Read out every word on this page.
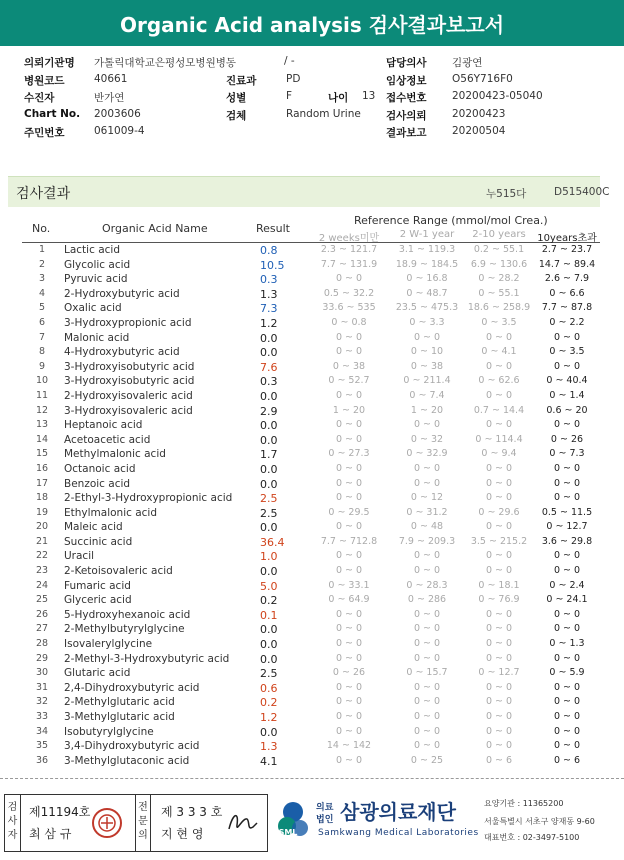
Organic Acid analysis 검사결과보고서
의뢰기관명 가톨릭대학교은평성모병원병동	/ -	담당의사 김광연
병원코드	40661	진료과	PD	임상정보 O56Y716F0
수진자	반가연	성별	F	나이 13 접수번호 20200423-05040
Chart No. 2003606	검체	Random Urine 검사의뢰 20200423
주민번호	061009-4	결과보고 20200504
검사결과	누515다	D515400C
No.	Organic Acid Name	Result
Reference Range (mmol/mol Crea.)
2 weeks미만	2 W-1 year	2-10 years	10years초과
1	Lactic acid	0.8	2.3 ~ 121.7	3.1 ~ 119.3	0.2 ~ 55.1	2.7 ~ 23.7
2	Glycolic acid	10.5	7.7 ~ 131.9	18.9 ~ 184.5	6.9 ~ 130.6	14.7 ~ 89.4
3	Pyruvic acid	0.3	0 ~ 0	0 ~ 16.8	0 ~ 28.2	2.6 ~ 7.9
4	2-Hydroxybutyric acid	1.3	0.5 ~ 32.2	0 ~ 48.7	0 ~ 55.1	0 ~ 6.6
5	Oxalic acid	7.3	33.6 ~ 535	23.5 ~ 475.3	18.6 ~ 258.9	7.7 ~ 87.8
6	3-Hydroxypropionic acid	1.2	0 ~ 0.8	0 ~ 3.3	0 ~ 3.5	0 ~ 2.2
7	Malonic acid	0.0	0 ~ 0	0 ~ 0	0 ~ 0	0 ~ 0
8	4-Hydroxybutyric acid	0.0	0 ~ 0	0 ~ 10	0 ~ 4.1	0 ~ 3.5
9	3-Hydroxyisobutyric acid	7.6	0 ~ 38	0 ~ 38	0 ~ 0	0 ~ 0
10	3-Hydroxyisobutyric acid	0.3	0 ~ 52.7	0 ~ 211.4	0 ~ 62.6	0 ~ 40.4
11	2-Hydroxyisovaleric acid	0.0	0 ~ 0	0 ~ 7.4	0 ~ 0	0 ~ 1.4
12	3-Hydroxyisovaleric acid	2.9	1 ~ 20	1 ~ 20	0.7 ~ 14.4	0.6 ~ 20
13	Heptanoic acid	0.0	0 ~ 0	0 ~ 0	0 ~ 0	0 ~ 0
14	Acetoacetic acid	0.0	0 ~ 0	0 ~ 32	0 ~ 114.4	0 ~ 26
15	Methylmalonic acid	1.7	0 ~ 27.3	0 ~ 32.9	0 ~ 9.4	0 ~ 7.3
16	Octanoic acid	0.0	0 ~ 0	0 ~ 0	0 ~ 0	0 ~ 0
17	Benzoic acid	0.0	0 ~ 0	0 ~ 0	0 ~ 0	0 ~ 0
18	2-Ethyl-3-Hydroxypropionic acid	2.5	0 ~ 0	0 ~ 12	0 ~ 0	0 ~ 0
19	Ethylmalonic acid	2.5	0 ~ 29.5	0 ~ 31.2	0 ~ 29.6	0.5 ~ 11.5
20	Maleic acid	0.0	0 ~ 0	0 ~ 48	0 ~ 0	0 ~ 12.7
21	Succinic acid	36.4	7.7 ~ 712.8	7.9 ~ 209.3	3.5 ~ 215.2	3.6 ~ 29.8
22	Uracil	1.0	0 ~ 0	0 ~ 0	0 ~ 0	0 ~ 0
23	2-Ketoisovaleric acid	0.0	0 ~ 0	0 ~ 0	0 ~ 0	0 ~ 0
24	Fumaric acid	5.0	0 ~ 33.1	0 ~ 28.3	0 ~ 18.1	0 ~ 2.4
25	Glyceric acid	0.2	0 ~ 64.9	0 ~ 286	0 ~ 76.9	0 ~ 24.1
26	5-Hydroxyhexanoic acid	0.1	0 ~ 0	0 ~ 0	0 ~ 0	0 ~ 0
27	2-Methylbutyrylglycine	0.0	0 ~ 0	0 ~ 0	0 ~ 0	0 ~ 0
28	Isovalerylglycine	0.0	0 ~ 0	0 ~ 0	0 ~ 0	0 ~ 1.3
29	2-Methyl-3-Hydroxybutyric acid	0.0	0 ~ 0	0 ~ 0	0 ~ 0	0 ~ 0
30	Glutaric acid	2.5	0 ~ 26	0 ~ 15.7	0 ~ 12.7	0 ~ 5.9
31	2,4-Dihydroxybutyric acid	0.6	0 ~ 0	0 ~ 0	0 ~ 0	0 ~ 0
32	2-Methylglutaric acid	0.2	0 ~ 0	0 ~ 0	0 ~ 0	0 ~ 0
33	3-Methylglutaric acid	1.2	0 ~ 0	0 ~ 0	0 ~ 0	0 ~ 0
34	Isobutyrylglycine	0.0	0 ~ 0	0 ~ 0	0 ~ 0	0 ~ 0
35	3,4-Dihydroxybutyric acid	1.3	14 ~ 142	0 ~ 0	0 ~ 0	0 ~ 0
36	3-Methylglutaconic acid	4.1	0 ~ 0	0 ~ 25	0 ~ 6	0 ~ 6
검사자
제11194호
최 삼 규
전문의
제 3 3 3 호
지 현 영	SML
의료
법인 삼광의료재단
Samkwang Medical Laboratories
요양기관 : 11365200
서울특별시 서초구 양재동 9-60
대표번호 : 02-3497-5100
